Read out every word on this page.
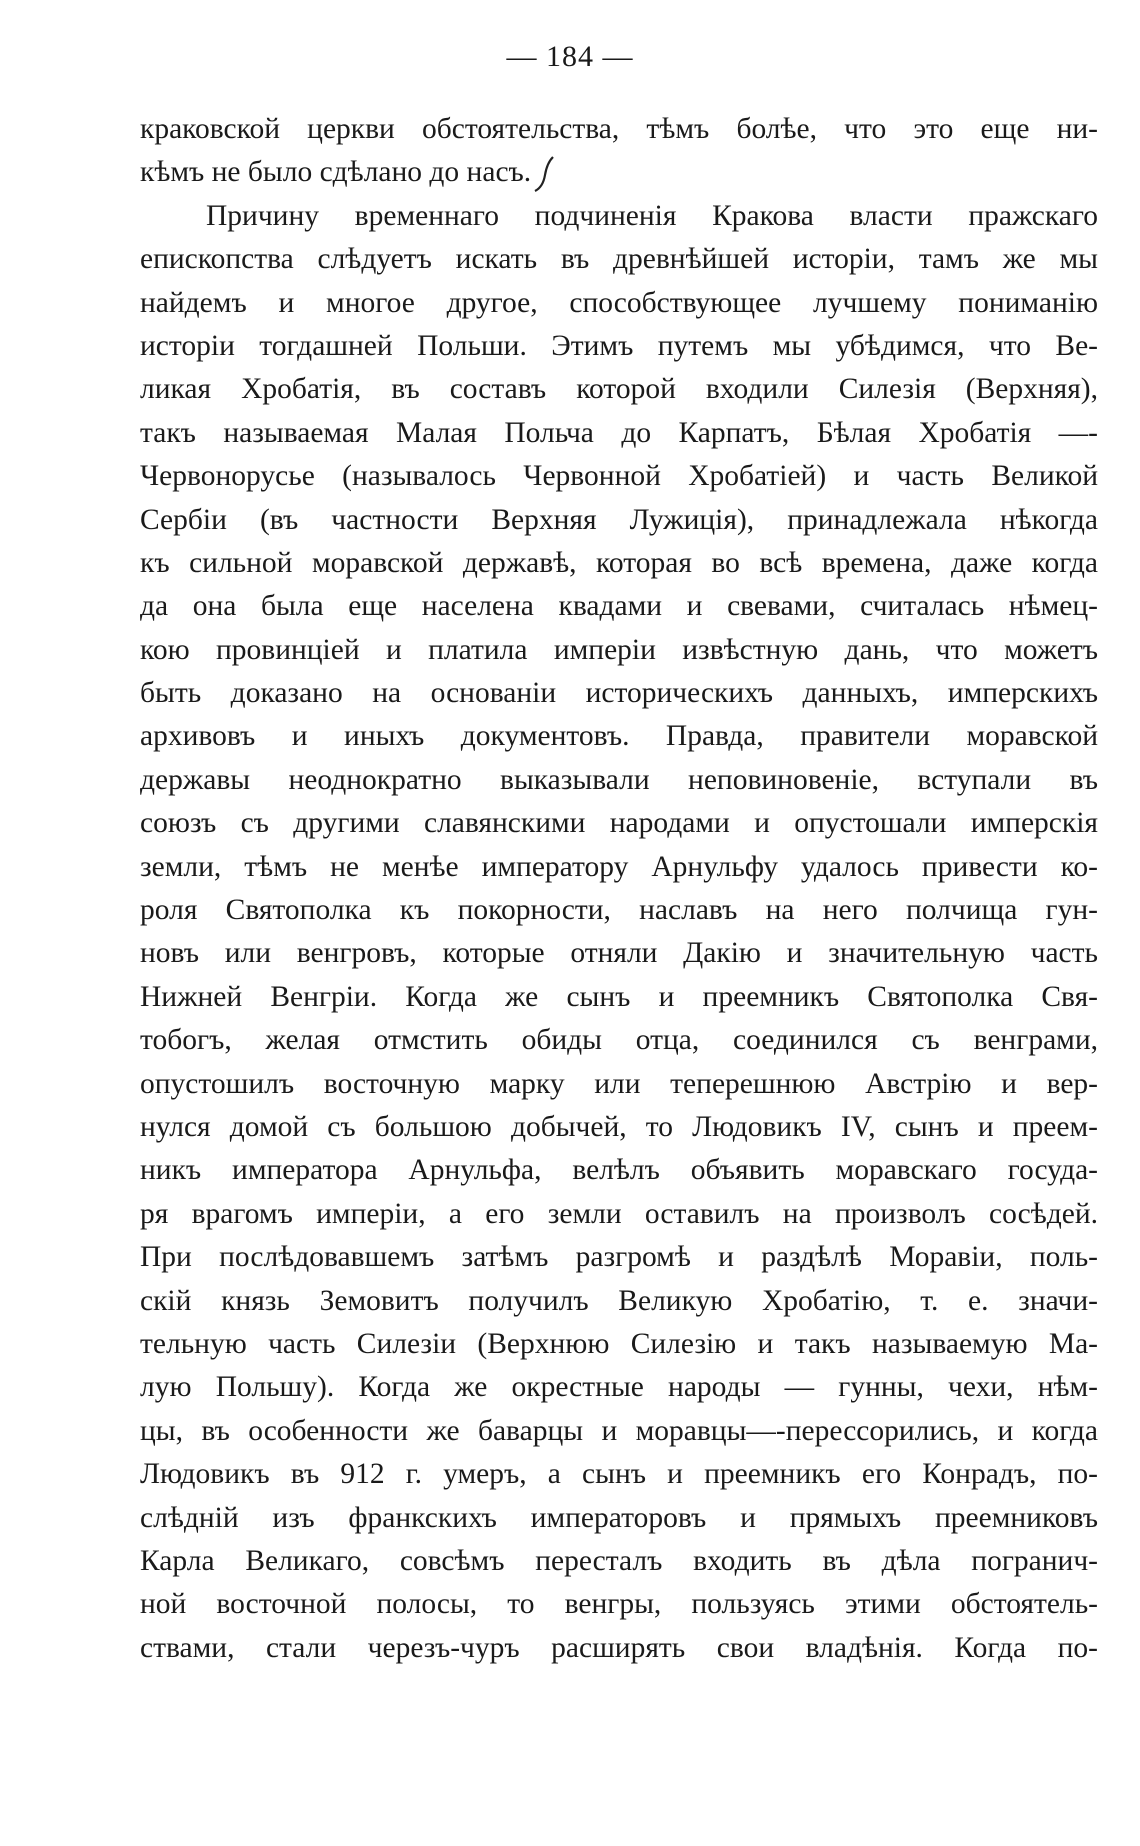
— 184 —
краковской церкви обстоятельства, тѣмъ болѣе, что это еще ни-
кѣмъ не было сдѣлано до насъ.
Причину временнаго подчиненія Кракова власти пражскаго
епископства слѣдуетъ искать въ древнѣйшей исторіи, тамъ же мы
найдемъ и многое другое, способствующее лучшему пониманію
исторіи тогдашней Польши. Этимъ путемъ мы убѣдимся, что Ве-
ликая Хробатія, въ составъ которой входили Силезія (Верхняя),
такъ называемая Малая Польча до Карпатъ, Бѣлая Хробатія —-
Червонорусье (называлось Червонной Хробатіей) и часть Великой
Сербіи (въ частности Верхняя Лужиція), принадлежала нѣкогда
къ сильной моравской державѣ, которая во всѣ времена, даже когда
да она была еще населена квадами и свевами, считалась нѣмец-
кою провинціей и платила имперіи извѣстную дань, что можетъ
быть доказано на основаніи историческихъ данныхъ, имперскихъ
архивовъ и иныхъ документовъ. Правда, правители моравской
державы неоднократно выказывали неповиновеніе, вступали въ
союзъ съ другими славянскими народами и опустошали имперскія
земли, тѣмъ не менѣе императору Арнульфу удалось привести ко-
роля Святополка къ покорности, наславъ на него полчища гун-
новъ или венгровъ, которые отняли Дакію и значительную часть
Нижней Венгріи. Когда же сынъ и преемникъ Святополка Свя-
тобогъ, желая отмстить обиды отца, соединился съ венграми,
опустошилъ восточную марку или теперешнюю Австрію и вер-
нулся домой съ большою добычей, то Людовикъ IV, сынъ и преем-
никъ императора Арнульфа, велѣлъ объявить моравскаго госуда-
ря врагомъ имперіи, а его земли оставилъ на произволъ сосѣдей.
При послѣдовавшемъ затѣмъ разгромѣ и раздѣлѣ Моравіи, поль-
скій князь Земовитъ получилъ Великую Хробатію, т. е. значи-
тельную часть Силезіи (Верхнюю Силезію и такъ называемую Ма-
лую Польшу). Когда же окрестные народы — гунны, чехи, нѣм-
цы, въ особенности же баварцы и моравцы—-перессорились, и когда
Людовикъ въ 912 г. умеръ, а сынъ и преемникъ его Конрадъ, по-
слѣдній изъ франкскихъ императоровъ и прямыхъ преемниковъ
Карла Великаго, совсѣмъ пересталъ входить въ дѣла погранич-
ной восточной полосы, то венгры, пользуясь этими обстоятель-
ствами, стали черезъ-чуръ расширять свои владѣнія. Когда по-
